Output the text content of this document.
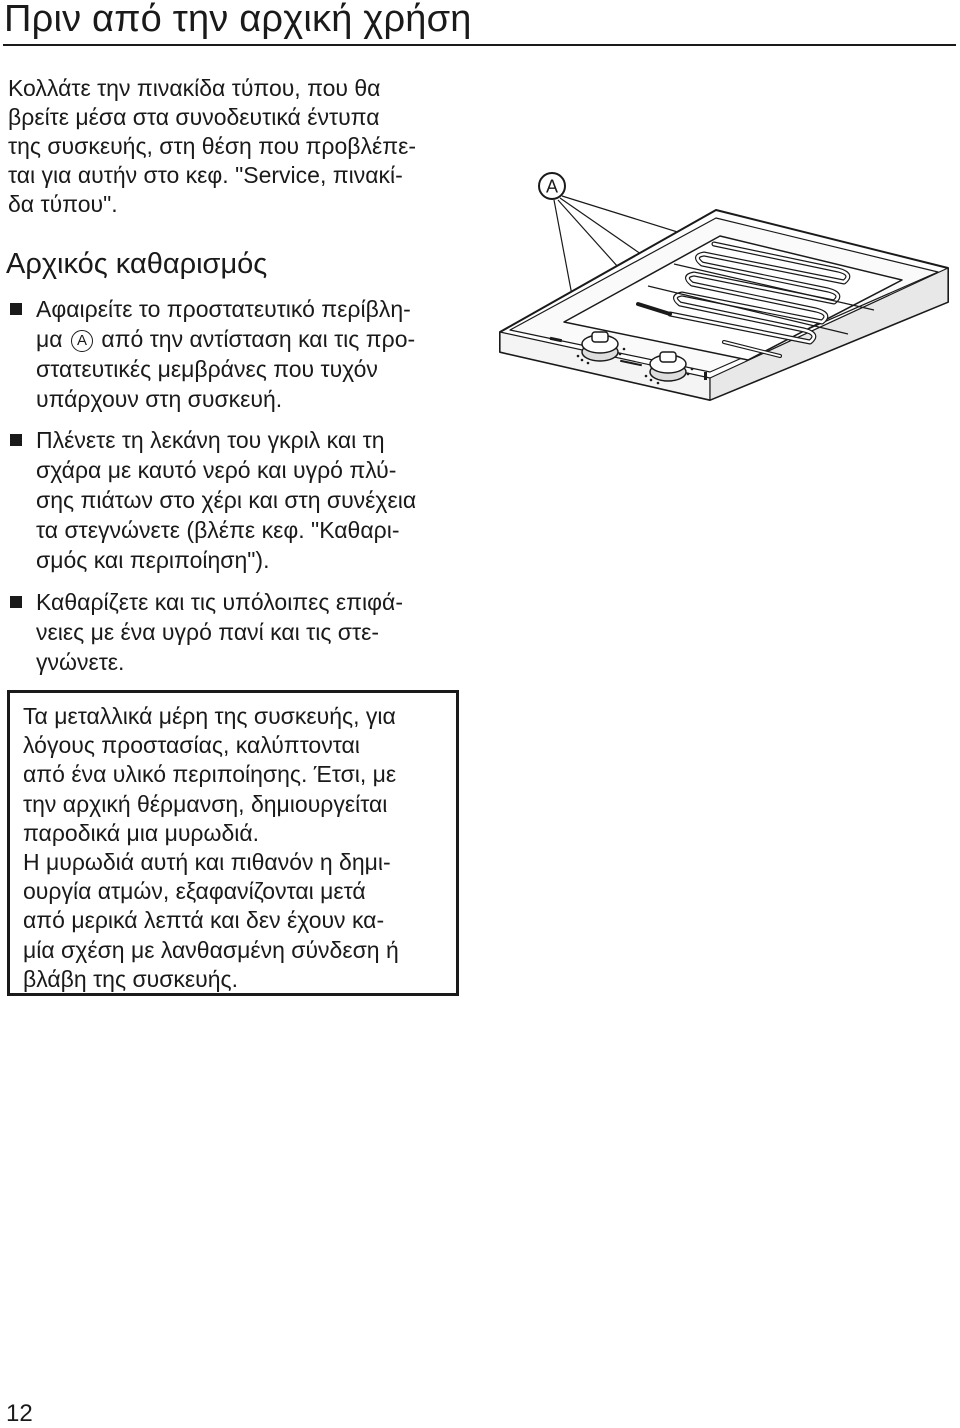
Πριν από την αρχική χρήση

Κολλάτε την πινακίδα τύπου, που θα

βρείτε μέσα στα συνοδευτικά έντυπα

της συσκευής, στη θέση που προβλέπε-

ται για αυτήν στο κεφ. "Service, πινακί-

δα τύπου".

Αρχικός καθαρισμός

Αφαιρείτε το προστατευτικό περίβλη-

μα A από την αντίσταση και τις προ-

στατευτικές μεμβράνες που τυχόν

υπάρχουν στη συσκευή.

Πλένετε τη λεκάνη του γκριλ και τη

σχάρα με καυτό νερό και υγρό πλύ-

σης πιάτων στο χέρι και στη συνέχεια

τα στεγνώνετε (βλέπε κεφ. "Καθαρι-

σμός και περιποίηση").

Καθαρίζετε και τις υπόλοιπες επιφά-

νειες με ένα υγρό πανί και τις στε-

γνώνετε.

Τα μεταλλικά μέρη της συσκευής, για

λόγους προστασίας, καλύπτονται

από ένα υλικό περιποίησης. Έτσι, με

την αρχική θέρμανση, δημιουργείται

παροδικά μια μυρωδιά.

Η μυρωδιά αυτή και πιθανόν η δημι-

ουργία ατμών, εξαφανίζονται μετά

από μερικά λεπτά και δεν έχουν κα-

μία σχέση με λανθασμένη σύνδεση ή

βλάβη της συσκευής.

A
12
